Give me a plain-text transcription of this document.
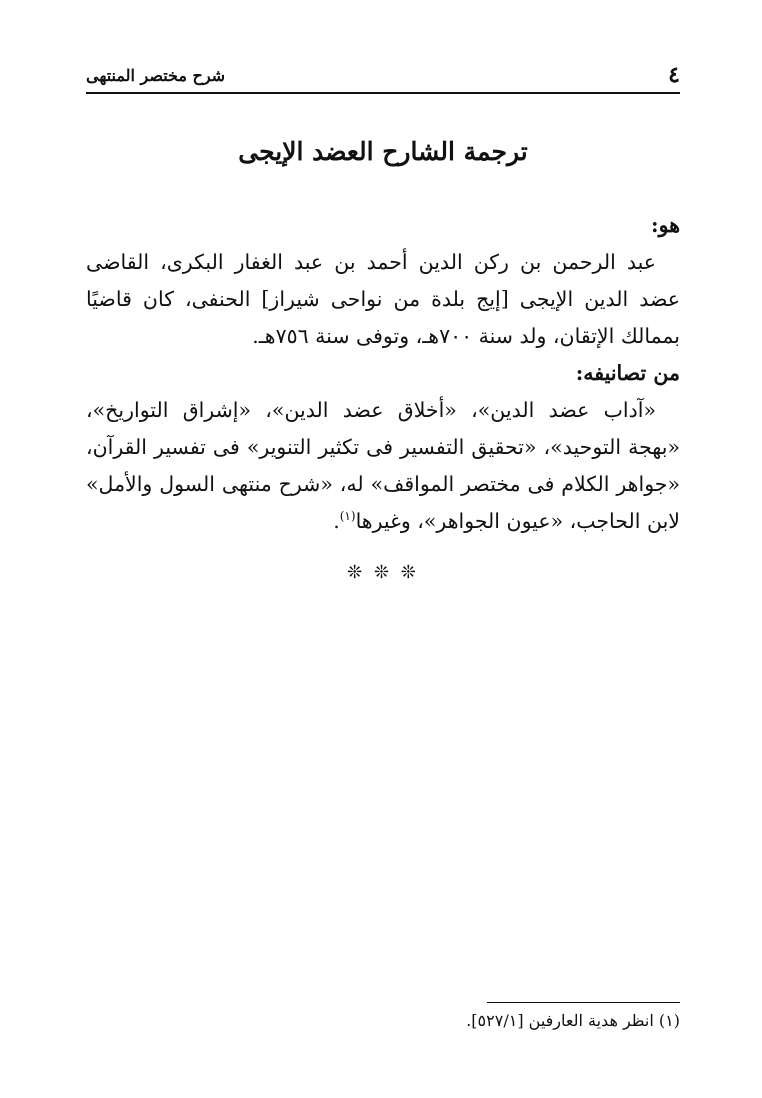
٤
شرح مختصر المنتهى
ترجمة الشارح العضد الإيجى

هو:

عبد الرحمن بن ركن الدين أحمد بن عبد الغفار البكرى، القاضى عضد الدين الإيجى [إيج بلدة من نواحى شيراز] الحنفى، كان قاضيًا بممالك الإتقان، ولد سنة ٧٠٠هـ، وتوفى سنة ٧٥٦هـ.

من تصانيفه:

«آداب عضد الدين»، «أخلاق عضد الدين»، «إشراق التواريخ»، «بهجة التوحيد»، «تحقيق التفسير فى تكثير التنوير» فى تفسير القرآن، «جواهر الكلام فى مختصر المواقف» له، «شرح منتهى السول والأمل» لابن الحاجب، «عيون الجواهر»، وغيرها$^{(١)}$.

❊ ❊ ❊
(١) انظر هدية العارفين [٥٢٧/١].
